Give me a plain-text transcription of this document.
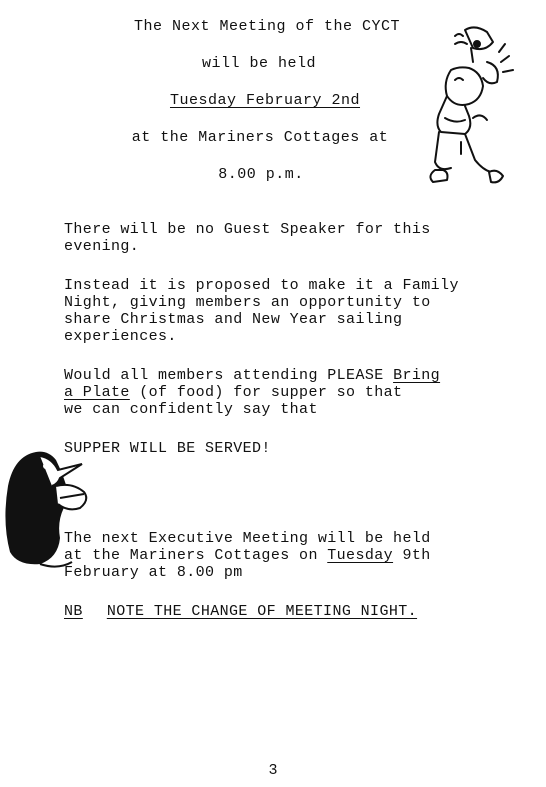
The Next Meeting of the CYCT
will be held
Tuesday February 2nd
at the Mariners Cottages at
8.00 p.m.
There will be no Guest Speaker for this
evening.
Instead it is proposed to make it a Family
Night, giving members an opportunity to
share Christmas and New Year sailing
experiences.
Would all members attending PLEASE Bring
a Plate (of food) for supper so that
we can confidently say that
SUPPER WILL BE SERVED!
The next Executive Meeting will be held
at the Mariners Cottages on Tuesday 9th
February at 8.00 pm
NB NOTE THE CHANGE OF MEETING NIGHT.
3
